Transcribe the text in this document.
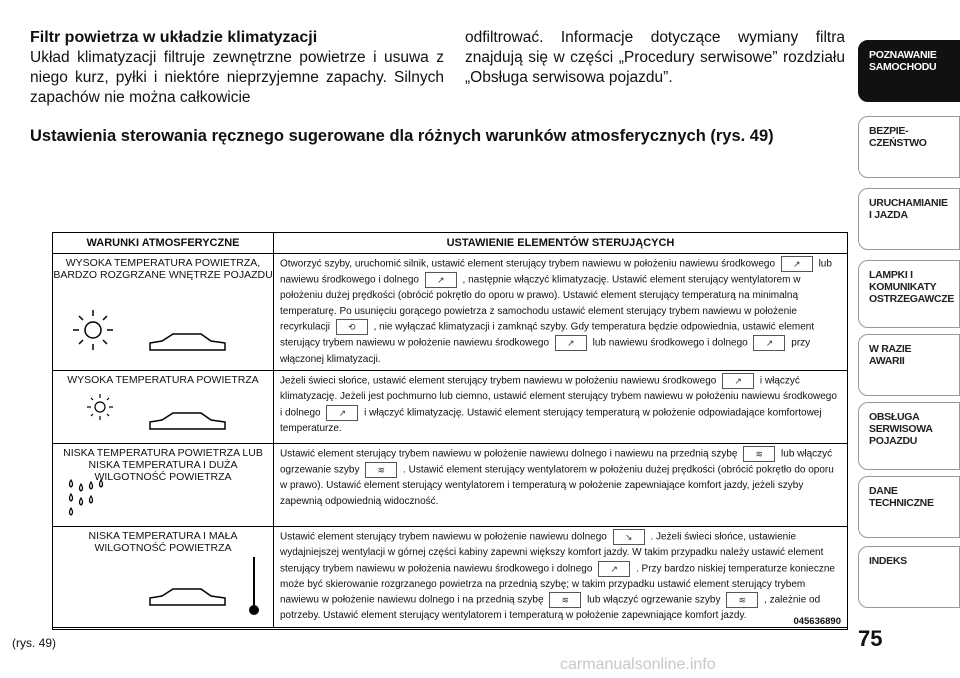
Filtr powietrza w układzie klimatyzacji
Układ klimatyzacji filtruje zewnętrzne powietrze i usuwa z niego kurz, pyłki i niektóre nieprzyjemne zapachy. Silnych zapachów nie można całkowicie
odfiltrować. Informacje dotyczące wymiany filtra znajdują się w części „Procedury serwisowe” rozdziału „Obsługa serwisowa pojazdu”.
Ustawienia sterowania ręcznego sugerowane dla różnych warunków atmosferycznych (rys. 49)
WARUNKI ATMOSFERYCZNE	USTAWIENIE ELEMENTÓW STERUJĄCYCH

WYSOKA TEMPERATURA POWIETRZA, BARDZO ROZGRZANE WNĘTRZE POJAZDU	Otworzyć szyby, uruchomić silnik, ustawić element sterujący trybem nawiewu w położeniu nawiewu środkowego ↗ lub nawiewu środkowego i dolnego ↗ , następnie włączyć klimatyzację. Ustawić element sterujący wentylatorem w położeniu dużej prędkości (obrócić pokrętło do oporu w prawo). Ustawić element sterujący temperaturą na minimalną temperaturę. Po usunięciu gorącego powietrza z samochodu ustawić element sterujący trybem nawiewu w położenie recyrkulacji ⟲ , nie wyłączać klimatyzacji i zamknąć szyby. Gdy temperatura będzie odpowiednia, ustawić element sterujący trybem nawiewu w położenie nawiewu środkowego ↗ lub nawiewu środkowego i dolnego ↗ przy włączonej klimatyzacji.

WYSOKA TEMPERATURA POWIETRZA	Jeżeli świeci słońce, ustawić element sterujący trybem nawiewu w położeniu nawiewu środkowego ↗ i włączyć klimatyzację. Jeżeli jest pochmurno lub ciemno, ustawić element sterujący trybem nawiewu w położeniu nawiewu środkowego i dolnego ↗ i włączyć klimatyzację. Ustawić element sterujący temperaturą w położenie odpowiadające komfortowej temperaturze.

NISKA TEMPERATURA POWIETRZA LUB NISKA TEMPERATURA I DUŻA WILGOTNOŚĆ POWIETRZA	Ustawić element sterujący trybem nawiewu w położenie nawiewu dolnego i nawiewu na przednią szybę ≋ lub włączyć ogrzewanie szyby ≋ . Ustawić element sterujący wentylatorem w położeniu dużej prędkości (obrócić pokrętło do oporu w prawo). Ustawić element sterujący wentylatorem i temperaturą w położenie zapewniające komfort jazdy, jeżeli szyby zapewnią odpowiednią widoczność.

NISKA TEMPERATURA I MAŁA WILGOTNOŚĆ POWIETRZA	Ustawić element sterujący trybem nawiewu w położenie nawiewu dolnego ↘ . Jeżeli świeci słońce, ustawienie wydajniejszej wentylacji w górnej części kabiny zapewni większy komfort jazdy. W takim przypadku należy ustawić element sterujący trybem nawiewu w położenia nawiewu środkowego i dolnego ↗ . Przy bardzo niskiej temperaturze konieczne może być skierowanie rozgrzanego powietrza na przednią szybę; w takim przypadku ustawić element sterujący trybem nawiewu w położenie nawiewu dolnego i na przednią szybę ≋ lub włączyć ogrzewanie szyby ≋ , zależnie od potrzeby. Ustawić element sterujący wentylatorem i temperaturą w położenie zapewniające komfort jazdy.
045636890
(rys. 49)	75
carmanualsonline.info
POZNAWANIE
SAMOCHODU
BEZPIE-
CZEŃSTWO
URUCHAMIANIE
I JAZDA
LAMPKI I
KOMUNIKATY
OSTRZEGAWCZE
W RAZIE
AWARII
OBSŁUGA
SERWISOWA
POJAZDU
DANE
TECHNICZNE
INDEKS
